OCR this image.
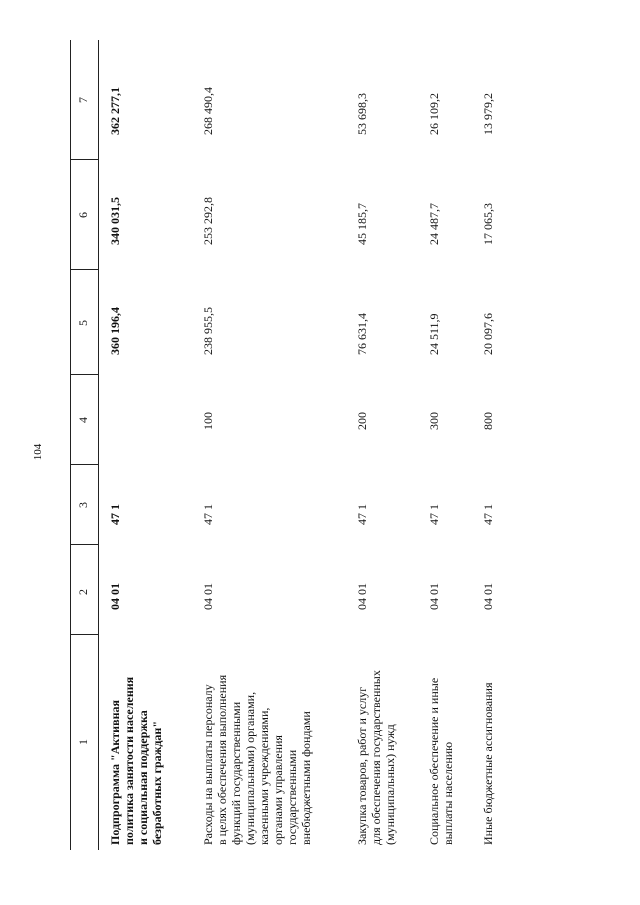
104
1
2
3
4
5
6
7
Подпрограмма "Активная политика занятости населения и социальная поддержка безработных граждан"
04 01
47 1
360 196,4
340 031,5
362 277,1
Расходы на выплаты персоналу в целях обеспечения выполнения функций государственными (муниципальными) органами, казенными учреждениями, органами управления государственными внебюджетными фондами
04 01
47 1
100
238 955,5
253 292,8
268 490,4
Закупка товаров, работ и услуг для обеспечения государственных (муниципальных) нужд
04 01
47 1
200
76 631,4
45 185,7
53 698,3
Социальное обеспечение и иные выплаты населению
04 01
47 1
300
24 511,9
24 487,7
26 109,2
Иные бюджетные ассигнования
04 01
47 1
800
20 097,6
17 065,3
13 979,2
